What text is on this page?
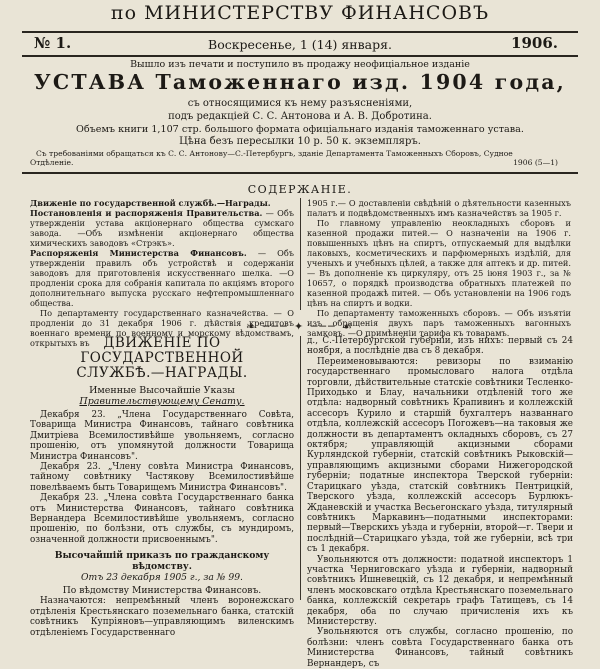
по МИНИСТЕРСТВУ ФИНАНСОВЪ
№ 1.	Воскресенье, 1 (14) января.	1906.
Вышло изъ печати и поступило въ продажу неофиціальное изданіе
УСТАВА Таможеннаго изд. 1904 года,
съ относящимися къ нему разъясненіями,
подъ редакціей С. С. Антонова и А. В. Добротина.
Объемъ книги 1,107 стр. большого формата офиціальнаго изданія таможеннаго устава.
Цѣна безъ пересылки 10 р. 50 к. экземпляръ.
Съ требованіями обращаться къ С. С. Антонову—С.-Петербургъ, зданіе Департамента Таможенныхъ Сборовъ, Судное
Отдѣленіе.	1906 (5—1)
СОДЕРЖАНІЕ.
Движеніе по государственной службѣ.—Награды.
Постановленія и распоряженія Правительства. — Объ утвержденіи устава акціонернаго общества сумскаго завода. —Объ измѣненіи акціонернаго общества химическихъ заводовъ «Стрэкъ».
Распоряженія Министерства Финансовъ. — Объ утвержденіи правилъ объ устройствѣ и содержаніи заводовъ для приготовленія искусственнаго шелка. —О продленіи срока для собранія капитала по акціямъ второго дополнительнаго выпуска русскаго нефтепромышленнаго общества.
По департаменту государственнаго казначейства. — О продленіи до 31 декабря 1906 г. дѣйствія кредитовъ военнаго времени по военному и морскому вѣдомствамъ, открытыхъ въ
1905 г.— О доставленіи свѣдѣній о дѣятельности казенныхъ палатъ и подвѣдомственныхъ имъ казначействъ за 1905 г.
По главному управленію неокладныхъ сборовъ и казенной продажи питей.— О назначеніи на 1906 г. повышенныхъ цѣнъ на спиртъ, отпускаемый для выдѣлки лаковыхъ, косметическихъ и парфюмерныхъ издѣлій, для ученыхъ и учебныхъ цѣлей, а также для аптекъ и др. питей. — Въ дополненіе къ циркуляру, отъ 25 іюня 1903 г., за № 10657, о порядкѣ производства обратныхъ платежей по казенной продажѣ питей. — Объ установленіи на 1906 годъ цѣнъ на спиртъ и водки.
По департаменту таможенныхъ сборовъ. — Объ изъятіи изъ обращенія двухъ паръ таможенныхъ вагонныхъ замковъ. —О примѣненіи тарифа къ товарамъ.
❧ ─── ✦ ─── ☙
ДВИЖЕНІЕ ПО ГОСУДАРСТВЕННОЙ
СЛУЖБѢ.—НАГРАДЫ.
Именные Высочайшіе Указы
Правительствующему Сенату.
Декабря 23. „Члена Государственнаго Совѣта, Товарища Министра Финансовъ, тайнаго совѣтника Дмитріева Всемилостивѣйше увольняемъ, согласно прошенію, отъ упомянутой должности Товарища Министра Финансовъ".
Декабря 23. „Члену совѣта Министра Финансовъ, тайному совѣтнику Частякову Всемилостивѣйше повелѣваемъ быть Товарищемъ Министра Финансовъ".
Декабря 23. „Члена совѣта Государственнаго банка отъ Министерства Финансовъ, тайнаго совѣтника Вернандера Всемилостивѣйше увольняемъ, согласно прошенію, по болѣзни, отъ службы, съ мундиромъ, означенной должности присвоеннымъ".
Высочайшій приказъ по гражданскому вѣдомству.
Отъ 23 декабря 1905 г., за № 99.
По вѣдомству Министерства Финансовъ.
Назначаются: непремѣнный членъ воронежскаго отдѣленія Крестьянскаго поземельнаго банка, статскій совѣтникъ Купріяновъ—управляющимъ виленскимъ отдѣленіемъ Государственнаго
д., С.-Петербургской губерніи, изъ нихъ: первый съ 24 ноября, а послѣдніе два съ 8 декабря.
Переименовываются: ревизоры по взиманію государственнаго промысловаго налога отдѣла торговли, дѣйствительные статскіе совѣтники Тесленко-Приходько и Блау, начальники отдѣленій того же отдѣла: надворный совѣтникъ Крапивинъ и коллежскій ассесоръ Курило и старшій бухгалтеръ названнаго отдѣла, коллежскій ассесоръ Погожевъ—на таковыя же должности въ департаментъ окладныхъ сборовъ, съ 27 октября; управляющій акцизными сборами Курляндской губерніи, статскій совѣтникъ Рыковскій—управляющимъ акцизными сборами Нижегородской губерніи; податные инспектора Тверской губерніи: Старицкаго уѣзда, статскій совѣтникъ Пентрицкій, Тверского уѣзда, коллежскій ассесоръ Бурлюкъ-Жданевскій и участка Весьегонскаго уѣзда, титулярный совѣтникъ Маркавинъ—податными инспекторами: первый—Тверскихъ уѣзда и губерніи, второй—г. Твери и послѣдній—Старицкаго уѣзда, той же губерніи, всѣ три съ 1 декабря.
Увольняются отъ должности: податной инспекторъ 1 участка Черниговскаго уѣзда и губерніи, надворный совѣтникъ Ишневецкій, съ 12 декабря, и непремѣнный членъ московскаго отдѣла Крестьянскаго поземельнаго банка, коллежскій секретарь графъ Татищевъ, съ 14 декабря, оба по случаю причисленія ихъ къ Министерству.
Увольняются отъ службы, согласно прошенію, по болѣзни: членъ совѣта Государственнаго банка отъ Министерства Финансовъ, тайный совѣтникъ Вернандеръ, съ
